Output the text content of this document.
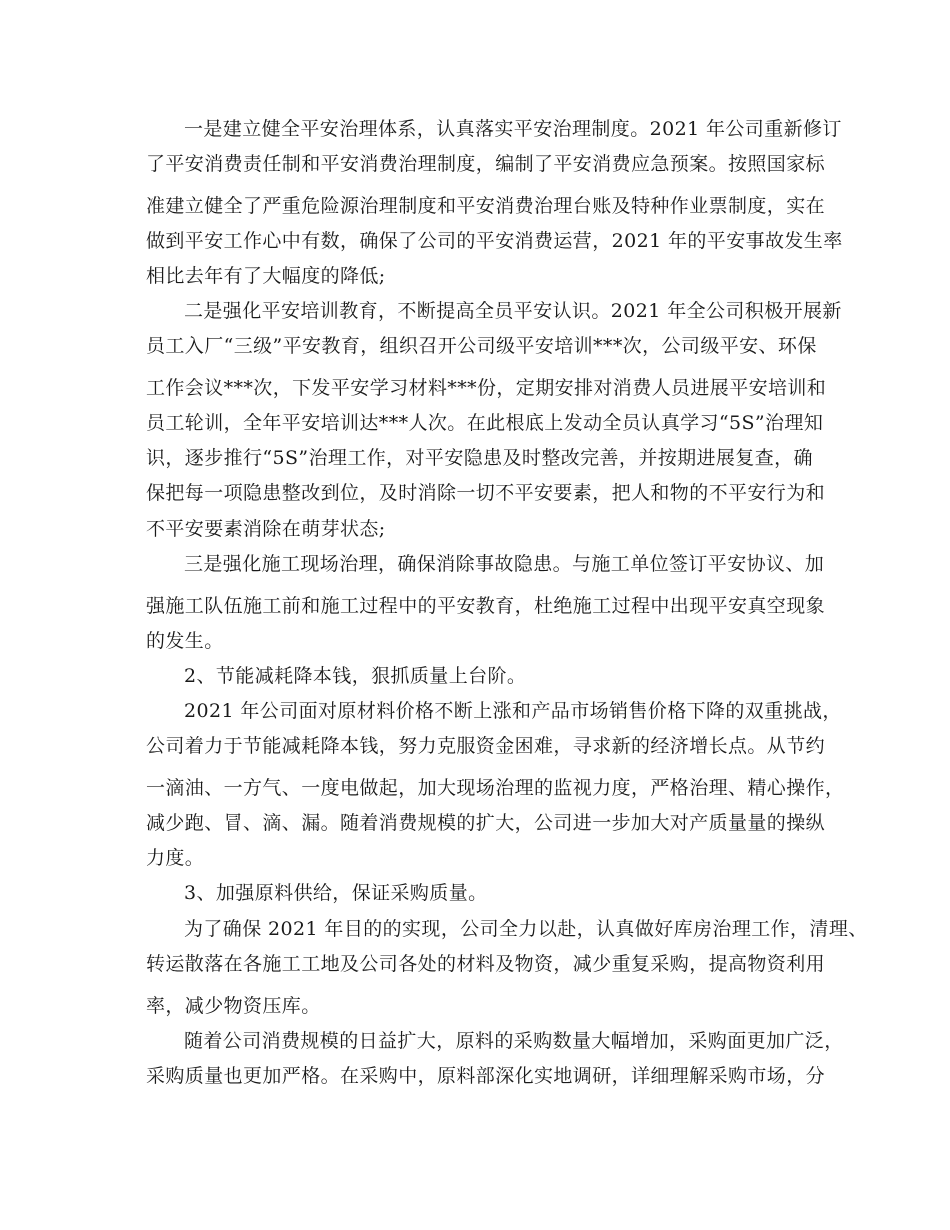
一是建立健全平安治理体系，认真落实平安治理制度。2021 年公司重新修订
了平安消费责任制和平安消费治理制度，编制了平安消费应急预案。按照国家标
准建立健全了严重危险源治理制度和平安消费治理台账及特种作业票制度，实在
做到平安工作心中有数，确保了公司的平安消费运营，2021 年的平安事故发生率
相比去年有了大幅度的降低;
二是强化平安培训教育，不断提高全员平安认识。2021 年全公司积极开展新
员工入厂“三级”平安教育，组织召开公司级平安培训***次，公司级平安、环保
工作会议***次，下发平安学习材料***份，定期安排对消费人员进展平安培训和
员工轮训，全年平安培训达***人次。在此根底上发动全员认真学习“5S”治理知
识，逐步推行“5S”治理工作，对平安隐患及时整改完善，并按期进展复查，确
保把每一项隐患整改到位，及时消除一切不平安要素，把人和物的不平安行为和
不平安要素消除在萌芽状态;
三是强化施工现场治理，确保消除事故隐患。与施工单位签订平安协议、加
强施工队伍施工前和施工过程中的平安教育，杜绝施工过程中出现平安真空现象
的发生。
2、节能减耗降本钱，狠抓质量上台阶。
2021 年公司面对原材料价格不断上涨和产品市场销售价格下降的双重挑战，
公司着力于节能减耗降本钱，努力克服资金困难，寻求新的经济增长点。从节约
一滴油、一方气、一度电做起，加大现场治理的监视力度，严格治理、精心操作，
减少跑、冒、滴、漏。随着消费规模的扩大，公司进一步加大对产质量量的操纵
力度。
3、加强原料供给，保证采购质量。
为了确保 2021 年目的的实现，公司全力以赴，认真做好库房治理工作，清理、
转运散落在各施工工地及公司各处的材料及物资，减少重复采购，提高物资利用
率，减少物资压库。
随着公司消费规模的日益扩大，原料的采购数量大幅增加，采购面更加广泛，
采购质量也更加严格。在采购中，原料部深化实地调研，详细理解采购市场，分
